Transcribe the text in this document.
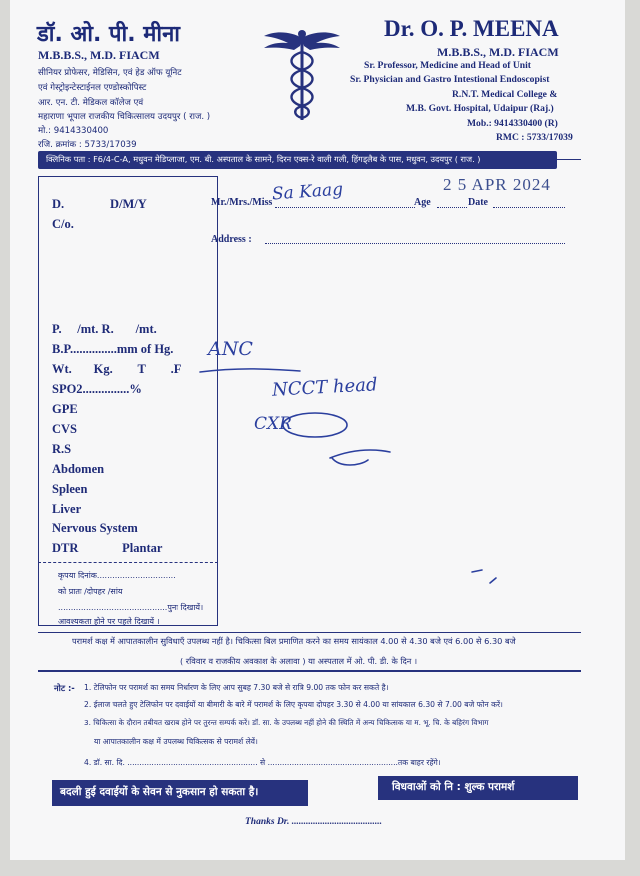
डॉ. ओ. पी. मीना
M.B.B.S., M.D. FIACM
सीनियर प्रोफेसर, मेडिसिन, एवं हेड ऑफ यूनिट
एवं गेस्ट्रोइन्टेस्टाईनल एण्डोस्कोपिस्ट
आर. एन. टी. मेडिकल कॉलेज एवं
महाराणा भूपाल राजकीय चिकित्सालय उदयपुर ( राज. )
मो.: 9414330400
रजि. क्रमांक : 5733/17039
Dr. O. P. MEENA
M.B.B.S., M.D. FIACM
Sr. Professor, Medicine and Head of Unit
Sr. Physician and Gastro Intestional Endoscopist
R.N.T. Medical College &
M.B. Govt. Hospital, Udaipur (Raj.)
Mob.: 9414330400 (R)
RMC : 5733/17039
क्लिनिक पता : F6/4-C-A, मधुवन मेडिप्लाजा, एम. बी. अस्पताल के सामने, दिरन एक्स-रे वाली गली, हिंगड्लैब के पास, मधुवन, उदयपुर ( राज. )
Mr./Mrs./Miss	Age	Date
2 5 APR 2024
Sa Kaag
Address :
D.	D/M/Y
C/o.
P.     /mt. R.       /mt.
B.P...............mm of Hg.
Wt.       Kg.        T        .F
SPO2...............%
GPE
CVS
R.S
Abdomen
Spleen
Liver
Nervous System
DTR              Plantar
कृपया दिनांक...............................
को प्रातः /दोपहर /सांय
...........................................पुनः दिखायें।
आवश्यकता होने पर पहले दिखायें ।
ANC
NCCT head
CXR
परामर्श कक्ष में आपातकालीन सुविधाएँ उपलब्ध नहीं है। चिकित्सा बिल प्रमाणित करने का समय सायंकाल 4.00 से 4.30 बजे एवं 6.00 से 6.30 बजे
( रविवार व राजकीय अवकाश के अलावा ) या अस्पताल में ओ. पी. डी. के दिन ।
नोट :- 1. टेलिफोन पर परामर्श का समय निर्धारण के लिए आप सुबह 7.30 बजे से रात्रि 9.00 तक फोन कर सकते है।
2. ईलाज चलते हुए टेलिफोन पर दवाईयों या बीमारी के बारे में परामर्श के लिए कृपया दोपहर 3.30 से 4.00 या सांयकाल 6.30 से 7.00 बजे फोन करें।
3. चिकित्सा के दौरान तबीयत खराब होने पर तुरन्त सम्पर्क करें। डॉ. सा. के उपलब्ध नहीं होने की स्थिति में अन्य चिकित्सक या म. भू. चि. के बहिरंग विभाग
या आपातकालीन कक्ष में उपलब्ध चिकित्सक से परामर्श लेवें।
4. डॉ. सा. दि. ...................................................... से ......................................................तक बाहर रहेंगे।
बदली हुई दवाईयों के सेवन से नुकसान हो सकता है।	विधवाओं को नि : शुल्क परामर्श
Thanks Dr. ......................................
